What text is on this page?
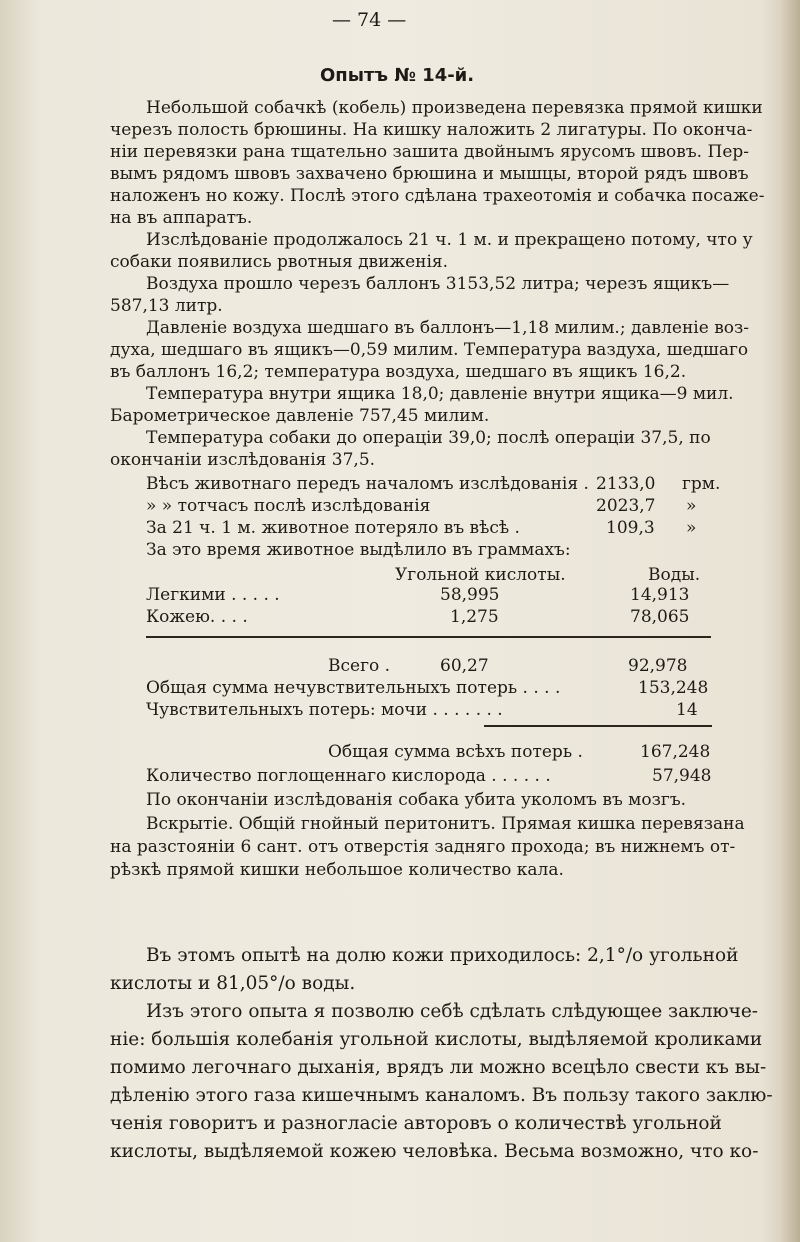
— 74 —
Опытъ № 14-й.
Небольшой собачкѣ (кобель) произведена перевязка прямой кишки
черезъ полость брюшины. На кишку наложить 2 лигатуры. По оконча-
ніи перевязки рана тщательно зашита двойнымъ ярусомъ швовъ. Пер-
вымъ рядомъ швовъ захвачено брюшина и мышцы, второй рядъ швовъ
наложенъ но кожу. Послѣ этого сдѣлана трахеотомія и собачка посаже-
на въ аппаратъ.
Изслѣдованіе продолжалось 21 ч. 1 м. и прекращено потому, что у
собаки появились рвотныя движенія.
Воздуха прошло черезъ баллонъ 3153,52 литра; черезъ ящикъ—
587,13 литр.
Давленіе воздуха шедшаго въ баллонъ—1,18 милим.; давленіе воз-
духа, шедшаго въ ящикъ—0,59 милим. Температура ваздуха, шедшаго
въ баллонъ 16,2; температура воздуха, шедшаго въ ящикъ 16,2.
Температура внутри ящика 18,0; давленіе внутри ящика—9 мил.
Барометрическое давленіе 757,45 милим.
Температура собаки до операціи 39,0; послѣ операціи 37,5, по
окончаніи изслѣдованія 37,5.
Вѣсъ животнаго передъ началомъ изслѣдованія . 2133,0 грм.
» » тотчасъ послѣ изслѣдованія	2023,7 »
За 21 ч. 1 м. животное потеряло въ вѣсѣ .	109,3 »
За это время животное выдѣлило въ граммахъ:
Угольной кислоты.	Воды.
Легкими . . . . .	58,995	14,913
Кожею. . . .	1,275	78,065
Всего .	60,27	92,978
Общая сумма нечувствительныхъ потерь . . . .	153,248
Чувствительныхъ потерь: мочи . . . . . . .	14
Общая сумма всѣхъ потерь .	167,248
Количество поглощеннаго кислорода . . . . . .	57,948
По окончаніи изслѣдованія собака убита уколомъ въ мозгъ.
Вскрытіе. Общій гнойный перитонитъ. Прямая кишка перевязана
на разстояніи 6 сант. отъ отверстія задняго прохода; въ нижнемъ от-
рѣзкѣ прямой кишки небольшое количество кала.
Въ этомъ опытѣ на долю кожи приходилось: 2,1°/о угольной
кислоты и 81,05°/о воды.
Изъ этого опыта я позволю себѣ сдѣлать слѣдующее заключе-
ніе: большія колебанія угольной кислоты, выдѣляемой кроликами
помимо легочнаго дыханія, врядъ ли можно всецѣло свести къ вы-
дѣленію этого газа кишечнымъ каналомъ. Въ пользу такого заклю-
ченія говоритъ и разногласіе авторовъ о количествѣ угольной
кислоты, выдѣляемой кожею человѣка. Весьма возможно, что ко-
